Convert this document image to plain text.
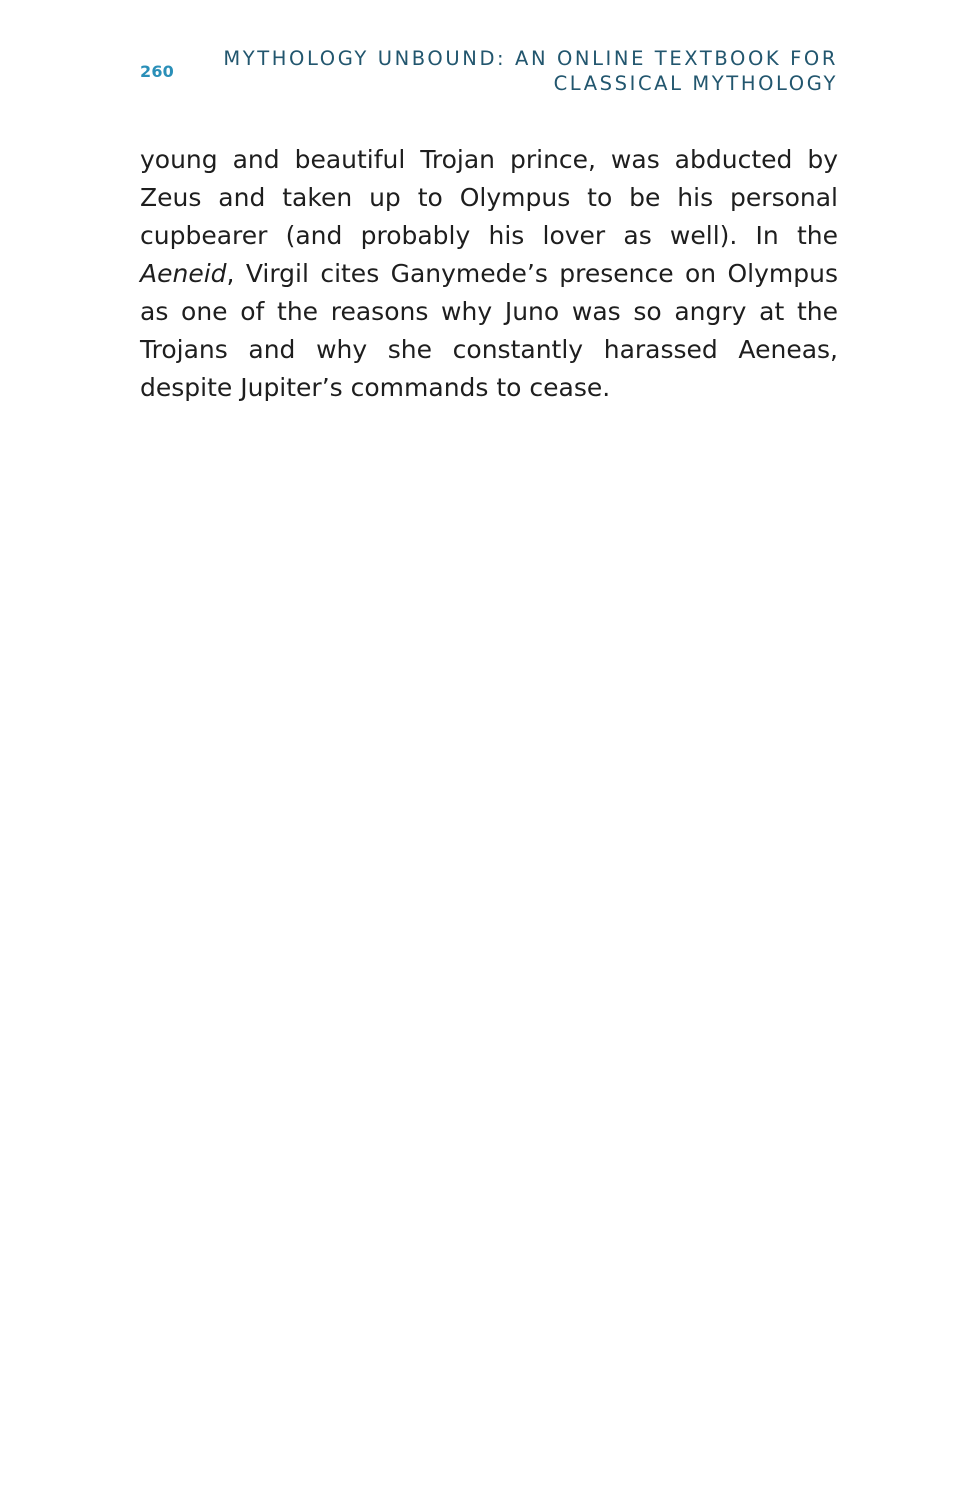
260
MYTHOLOGY UNBOUND: AN ONLINE TEXTBOOK FOR
CLASSICAL MYTHOLOGY

young and beautiful Trojan prince, was abducted by Zeus and taken up to Olympus to be his personal cupbearer (and probably his lover as well). In the Aeneid, Virgil cites Ganymede’s presence on Olympus as one of the reasons why Juno was so angry at the Trojans and why she constantly harassed Aeneas, despite Jupiter’s commands to cease.
